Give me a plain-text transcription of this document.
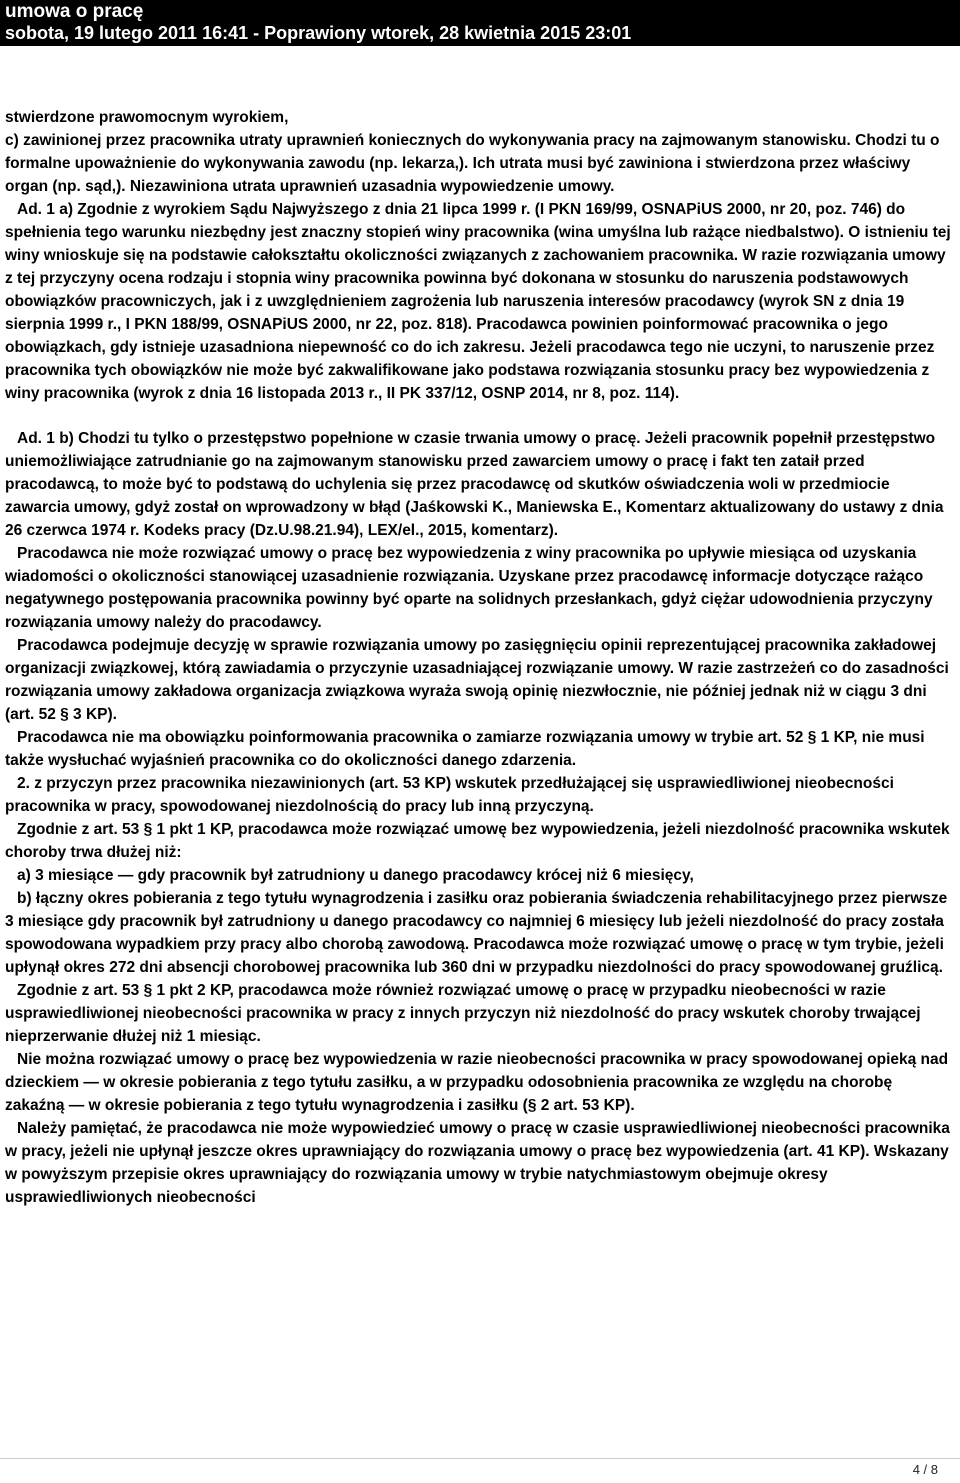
umowa o pracę
sobota, 19 lutego 2011 16:41 - Poprawiony wtorek, 28 kwietnia 2015 23:01

stwierdzone prawomocnym wyrokiem,

c) zawinionej przez pracownika utraty uprawnień koniecznych do wykonywania pracy na zajmowanym stanowisku. Chodzi tu o formalne upoważnienie do wykonywania zawodu (np. lekarza,). Ich utrata musi być zawiniona i stwierdzona przez właściwy organ (np. sąd,). Niezawiniona utrata uprawnień uzasadnia wypowiedzenie umowy.

Ad. 1 a) Zgodnie z wyrokiem Sądu Najwyższego z dnia 21 lipca 1999 r. (I PKN 169/99, OSNAPiUS 2000, nr 20, poz. 746) do spełnienia tego warunku niezbędny jest znaczny stopień winy pracownika (wina umyślna lub rażące niedbalstwo). O istnieniu tej winy wnioskuje się na podstawie całokształtu okoliczności związanych z zachowaniem pracownika. W razie rozwiązania umowy z tej przyczyny ocena rodzaju i stopnia winy pracownika powinna być dokonana w stosunku do naruszenia podstawowych obowiązków pracowniczych, jak i z uwzględnieniem zagrożenia lub naruszenia interesów pracodawcy (wyrok SN z dnia 19 sierpnia 1999 r., I PKN 188/99, OSNAPiUS 2000, nr 22, poz. 818). Pracodawca powinien poinformować pracownika o jego obowiązkach, gdy istnieje uzasadniona niepewność co do ich zakresu. Jeżeli pracodawca tego nie uczyni, to naruszenie przez pracownika tych obowiązków nie może być zakwalifikowane jako podstawa rozwiązania stosunku pracy bez wypowiedzenia z winy pracownika (wyrok z dnia 16 listopada 2013 r., II PK 337/12, OSNP 2014, nr 8, poz. 114).

Ad. 1 b) Chodzi tu tylko o przestępstwo popełnione w czasie trwania umowy o pracę. Jeżeli pracownik popełnił przestępstwo uniemożliwiające zatrudnianie go na zajmowanym stanowisku przed zawarciem umowy o pracę i fakt ten zataił przed pracodawcą, to może być to podstawą do uchylenia się przez pracodawcę od skutków oświadczenia woli w przedmiocie zawarcia umowy, gdyż został on wprowadzony w błąd (Jaśkowski K., Maniewska E., Komentarz aktualizowany do ustawy z dnia 26 czerwca 1974 r. Kodeks pracy (Dz.U.98.21.94), LEX/el., 2015, komentarz).

Pracodawca nie może rozwiązać umowy o pracę bez wypowiedzenia z winy pracownika po upływie miesiąca od uzyskania wiadomości o okoliczności stanowiącej uzasadnienie rozwiązania. Uzyskane przez pracodawcę informacje dotyczące rażąco negatywnego postępowania pracownika powinny być oparte na solidnych przesłankach, gdyż ciężar udowodnienia przyczyny rozwiązania umowy należy do pracodawcy.

Pracodawca podejmuje decyzję w sprawie rozwiązania umowy po zasięgnięciu opinii reprezentującej pracownika zakładowej organizacji związkowej, którą zawiadamia o przyczynie uzasadniającej rozwiązanie umowy. W razie zastrzeżeń co do zasadności rozwiązania umowy zakładowa organizacja związkowa wyraża swoją opinię niezwłocznie, nie później jednak niż w ciągu 3 dni (art. 52 § 3 KP).

Pracodawca nie ma obowiązku poinformowania pracownika o zamiarze rozwiązania umowy w trybie art. 52 § 1 KP, nie musi także wysłuchać wyjaśnień pracownika co do okoliczności danego zdarzenia.

2. z przyczyn przez pracownika niezawinionych (art. 53 KP) wskutek przedłużającej się usprawiedliwionej nieobecności pracownika w pracy, spowodowanej niezdolnością do pracy lub inną przyczyną.

Zgodnie z art. 53 § 1 pkt 1 KP, pracodawca może rozwiązać umowę bez wypowiedzenia, jeżeli niezdolność pracownika wskutek choroby trwa dłużej niż:

a) 3 miesiące — gdy pracownik był zatrudniony u danego pracodawcy krócej niż 6 miesięcy,

b) łączny okres pobierania z tego tytułu wynagrodzenia i zasiłku oraz pobierania świadczenia rehabilitacyjnego przez pierwsze 3 miesiące gdy pracownik był zatrudniony u danego pracodawcy co najmniej 6 miesięcy lub jeżeli niezdolność do pracy została spowodowana wypadkiem przy pracy albo chorobą zawodową. Pracodawca może rozwiązać umowę o pracę w tym trybie, jeżeli upłynął okres 272 dni absencji chorobowej pracownika lub 360 dni w przypadku niezdolności do pracy spowodowanej gruźlicą.

Zgodnie z art. 53 § 1 pkt 2 KP, pracodawca może również rozwiązać umowę o pracę w przypadku nieobecności w razie usprawiedliwionej nieobecności pracownika w pracy z innych przyczyn niż niezdolność do pracy wskutek choroby trwającej nieprzerwanie dłużej niż 1 miesiąc.

Nie można rozwiązać umowy o pracę bez wypowiedzenia w razie nieobecności pracownika w pracy spowodowanej opieką nad dzieckiem — w okresie pobierania z tego tytułu zasiłku, a w przypadku odosobnienia pracownika ze względu na chorobę zakaźną — w okresie pobierania z tego tytułu wynagrodzenia i zasiłku (§ 2 art. 53 KP).

Należy pamiętać, że pracodawca nie może wypowiedzieć umowy o pracę w czasie usprawiedliwionej nieobecności pracownika w pracy, jeżeli nie upłynął jeszcze okres uprawniający do rozwiązania umowy o pracę bez wypowiedzenia (art. 41 KP). Wskazany w powyższym przepisie okres uprawniający do rozwiązania umowy w trybie natychmiastowym obejmuje okresy usprawiedliwionych nieobecności

4 / 8
